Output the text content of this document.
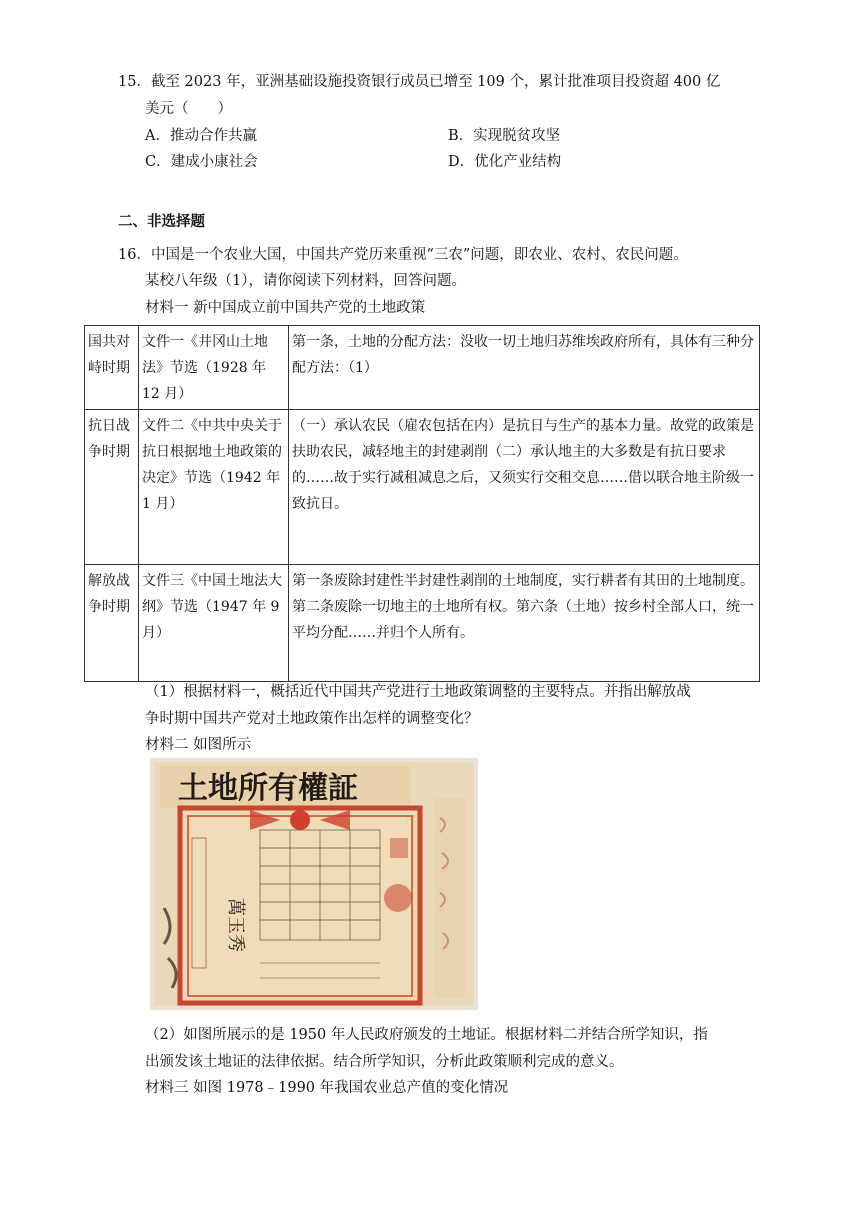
15．截至 2023 年，亚洲基础设施投资银行成员已增至 109 个，累计批准项目投资超 400 亿
美元（　　）
A．推动合作共赢	B．实现脱贫攻坚
C．建成小康社会	D．优化产业结构
二、非选择题
16．中国是一个农业大国，中国共产党历来重视“三农”问题，即农业、农村、农民问题。
某校八年级（1），请你阅读下列材料，回答问题。
材料一 新中国成立前中国共产党的土地政策
国共对峙时期	文件一《井冈山土地法》节选（1928 年 12 月）	第一条，土地的分配方法：没收一切土地归苏维埃政府所有，具体有三种分配方法：（1）
抗日战争时期	文件二《中共中央关于抗日根据地土地政策的决定》节选（1942 年 1 月）	（一）承认农民（雇农包括在内）是抗日与生产的基本力量。故党的政策是扶助农民，减轻地主的封建剥削（二）承认地主的大多数是有抗日要求的……故于实行减租减息之后，又须实行交租交息……借以联合地主阶级一致抗日。
解放战争时期	文件三《中国土地法大纲》节选（1947 年 9 月）	第一条废除封建性半封建性剥削的土地制度，实行耕者有其田的土地制度。第二条废除一切地主的土地所有权。第六条（土地）按乡村全部人口，统一平均分配……并归个人所有。
（1）根据材料一，概括近代中国共产党进行土地政策调整的主要特点。并指出解放战
争时期中国共产党对土地政策作出怎样的调整变化？
材料二 如图所示
土地所有權証
萬玉秀
（2）如图所展示的是 1950 年人民政府颁发的土地证。根据材料二并结合所学知识，指
出颁发该土地证的法律依据。结合所学知识，分析此政策顺利完成的意义。
材料三 如图 1978﹣1990 年我国农业总产值的变化情况
